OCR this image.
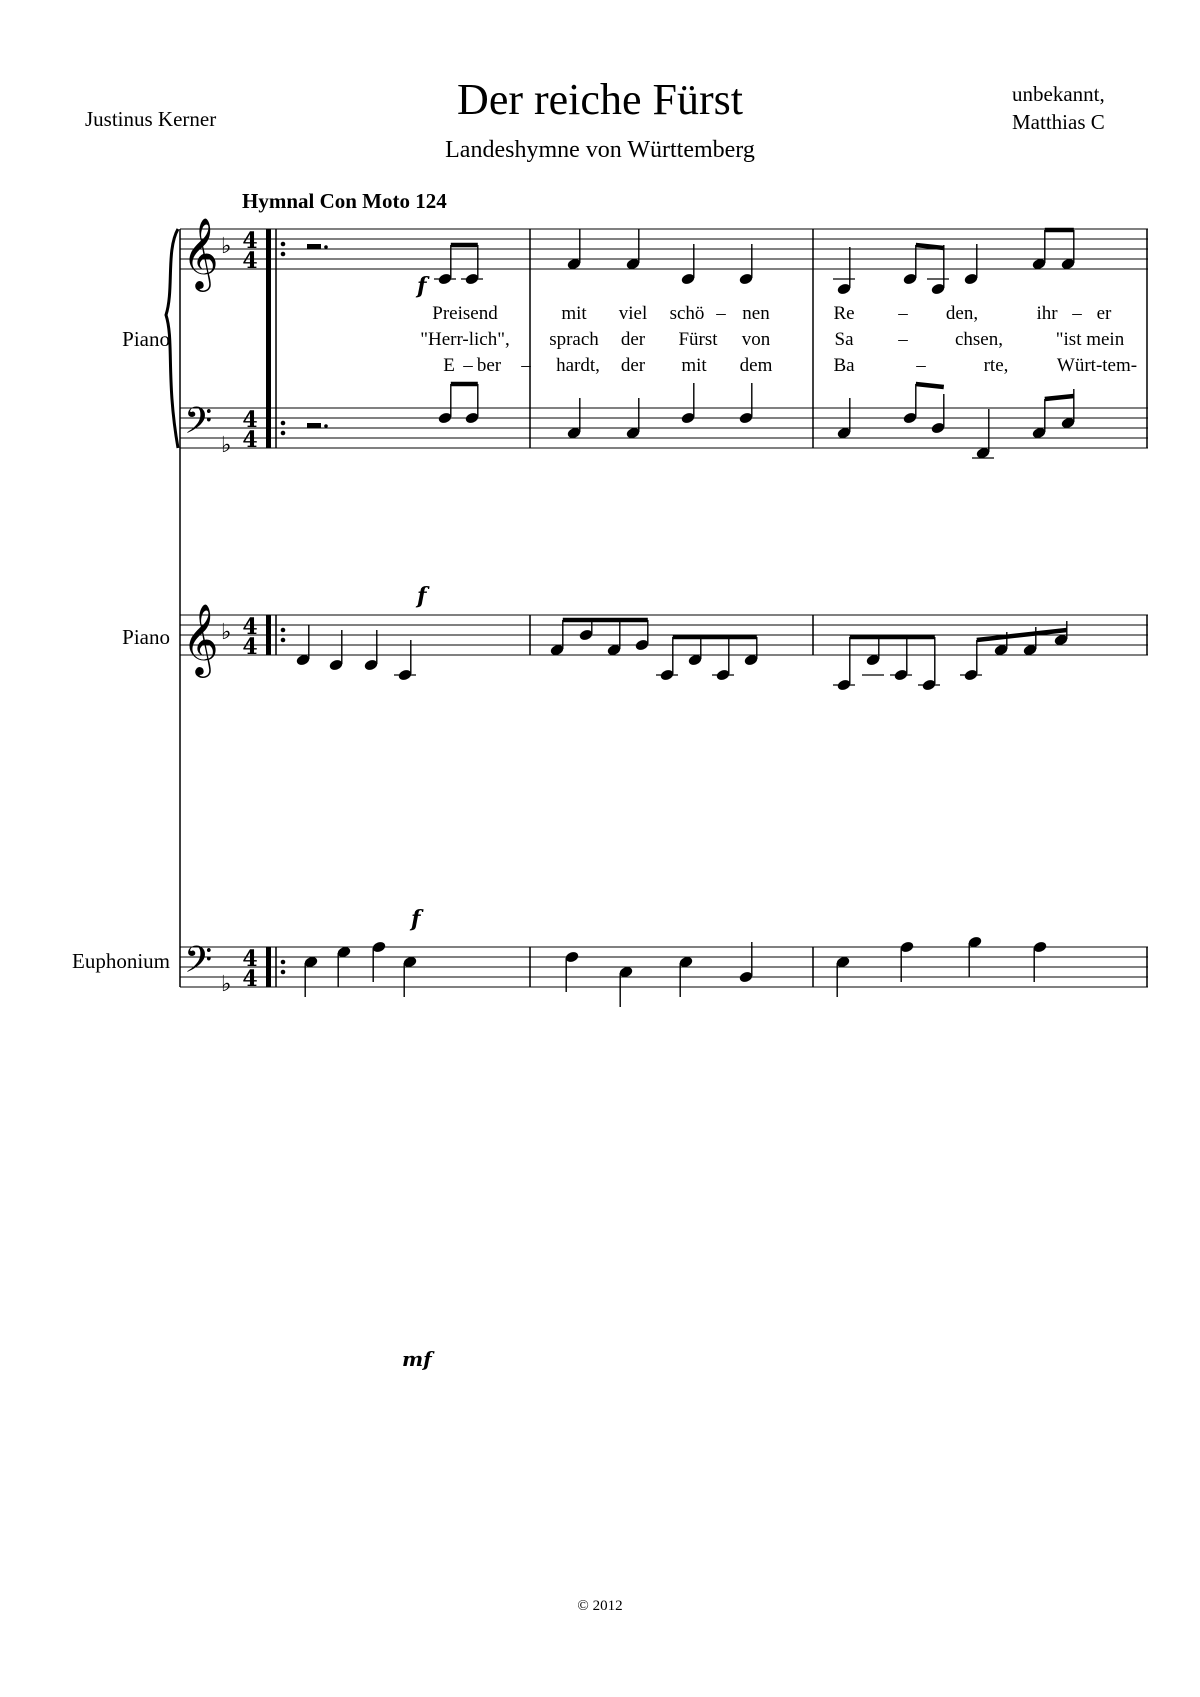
Der reiche Fürst
Landeshymne von Württemberg
Justinus Kerner
unbekannt,
Matthias C
© 2012
Hymnal Con Moto 124
Piano
Piano
Euphonium
𝄞
𝄢
𝄞
𝄢
♭
♭
♭
♭
4
4
4
4
4
4
4
4
f
f
f
mf
Preisend	mit viel schö nen	Re	den,	ihr er
"Herr-lich", sprach der Fürst von	Sa	chsen,	"ist mein
E ber	hardt, der mit dem	Ba	rte,	Würt-tem-
–	–	–
–
–	–	–
